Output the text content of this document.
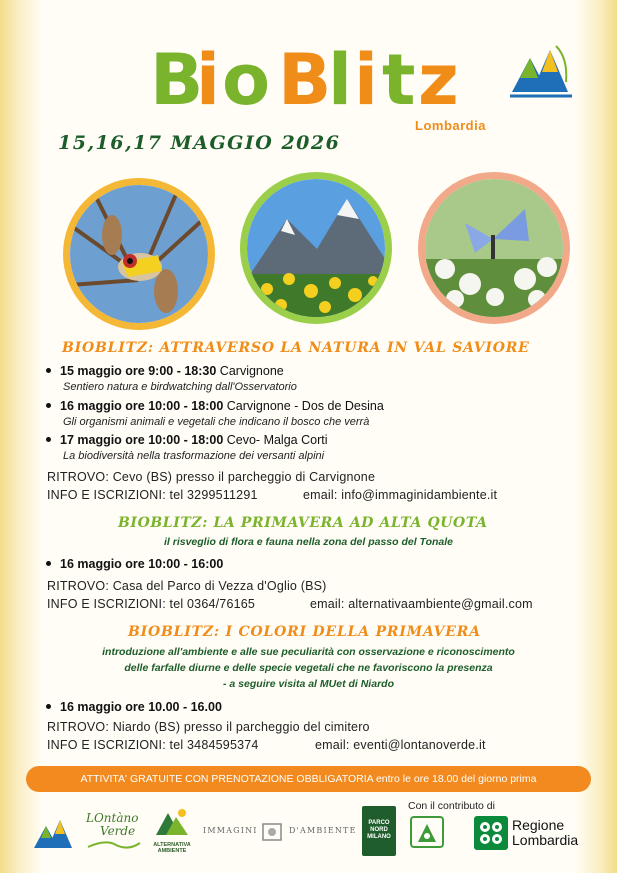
B
i o B
l i t z
Lombardia
15,16,17 MAGGIO 2026
BIOBLITZ: ATTRAVERSO LA NATURA IN VAL SAVIORE
15 maggio ore 9:00 - 18:30 Carvignone
Sentiero natura e birdwatching dall'Osservatorio
16 maggio ore 10:00 - 18:00 Carvignone - Dos de Desina
Gli organismi animali e vegetali che indicano il bosco che verrà
17 maggio ore 10:00 - 18:00 Cevo- Malga Corti
La biodiversità nella trasformazione dei versanti alpini
RITROVO: Cevo (BS) presso il parcheggio di Carvignone
INFO E ISCRIZIONI: tel 3299511291	email: info@immaginidambiente.it
BIOBLITZ: LA PRIMAVERA AD ALTA QUOTA
il risveglio di flora e fauna nella zona del passo del Tonale
16 maggio ore 10:00 - 16:00
RITROVO: Casa del Parco di Vezza d'Oglio (BS)
INFO E ISCRIZIONI: tel 0364/76165	email: alternativaambiente@gmail.com
BIOBLITZ: I COLORI DELLA PRIMAVERA
introduzione all'ambiente e alle sue peculiarità con osservazione e riconoscimento
delle farfalle diurne e delle specie vegetali che ne favoriscono la presenza
- a seguire visita al MUet di Niardo
16 maggio ore 10.00 - 16.00
RITROVO: Niardo (BS) presso il parcheggio del cimitero
INFO E ISCRIZIONI: tel 3484595374	email: eventi@lontanoverde.it
ATTIVITA' GRATUITE CON PRENOTAZIONE OBBLIGATORIA entro le ore 18.00 del giorno prima
Con il contributo di
LOntàno
Verde
ALTERNATIVA AMBIENTE
IMMAGINI	D'AMBIENTE
PARCO NORD MILANO
Regione
Lombardia
